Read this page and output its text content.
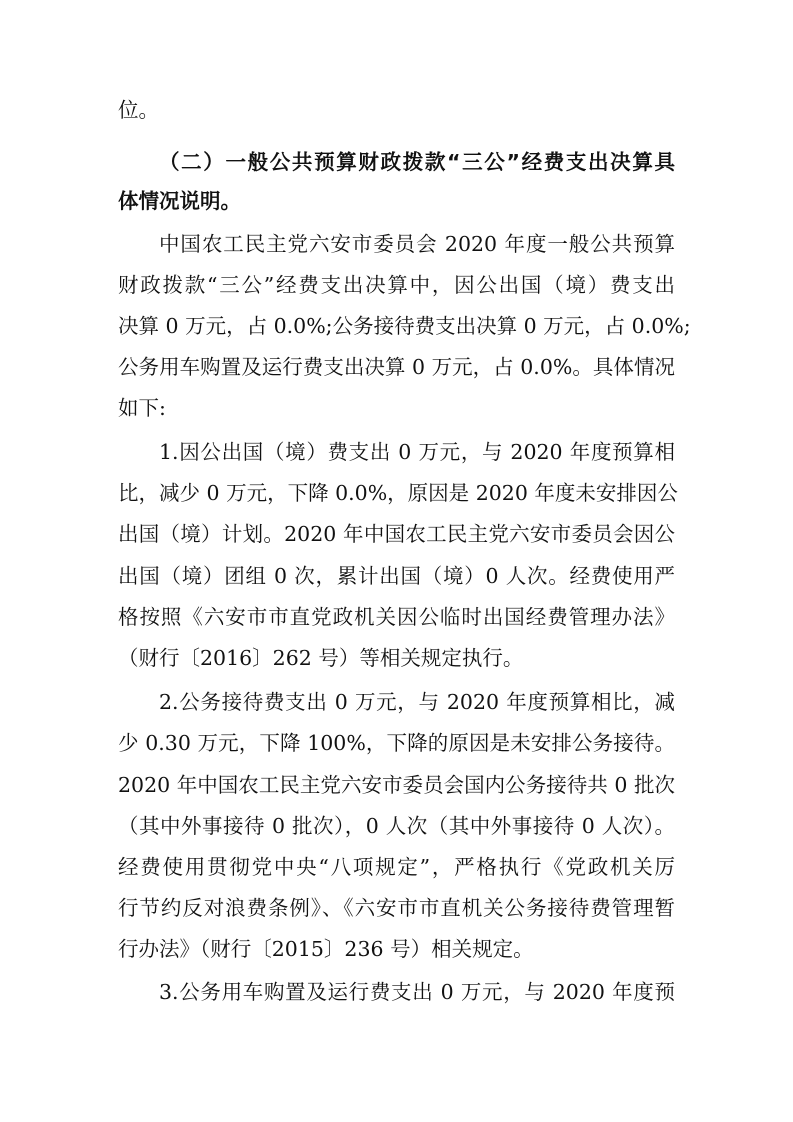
位。
（二）一般公共预算财政拨款“三公”经费支出决算具
体情况说明。
中国农工民主党六安市委员会 2020 年度一般公共预算
财政拨款“三公”经费支出决算中，因公出国（境）费支出
决算 0 万元，占 0.0%;公务接待费支出决算 0 万元，占 0.0%;
公务用车购置及运行费支出决算 0 万元，占 0.0%。具体情况
如下:
1.因公出国（境）费支出 0 万元，与 2020 年度预算相
比，减少 0 万元，下降 0.0%，原因是 2020 年度未安排因公
出国（境）计划。2020 年中国农工民主党六安市委员会因公
出国（境）团组 0 次，累计出国（境）0 人次。经费使用严
格按照《六安市市直党政机关因公临时出国经费管理办法》
（财行〔2016〕262 号）等相关规定执行。
2.公务接待费支出 0 万元，与 2020 年度预算相比，减
少 0.30 万元，下降 100%，下降的原因是未安排公务接待。
2020 年中国农工民主党六安市委员会国内公务接待共 0 批次
（其中外事接待 0 批次），0 人次（其中外事接待 0 人次）。
经费使用贯彻党中央“八项规定”，严格执行《党政机关厉
行节约反对浪费条例》、《六安市市直机关公务接待费管理暂
行办法》（财行〔2015〕236 号）相关规定。
3.公务用车购置及运行费支出 0 万元，与 2020 年度预
